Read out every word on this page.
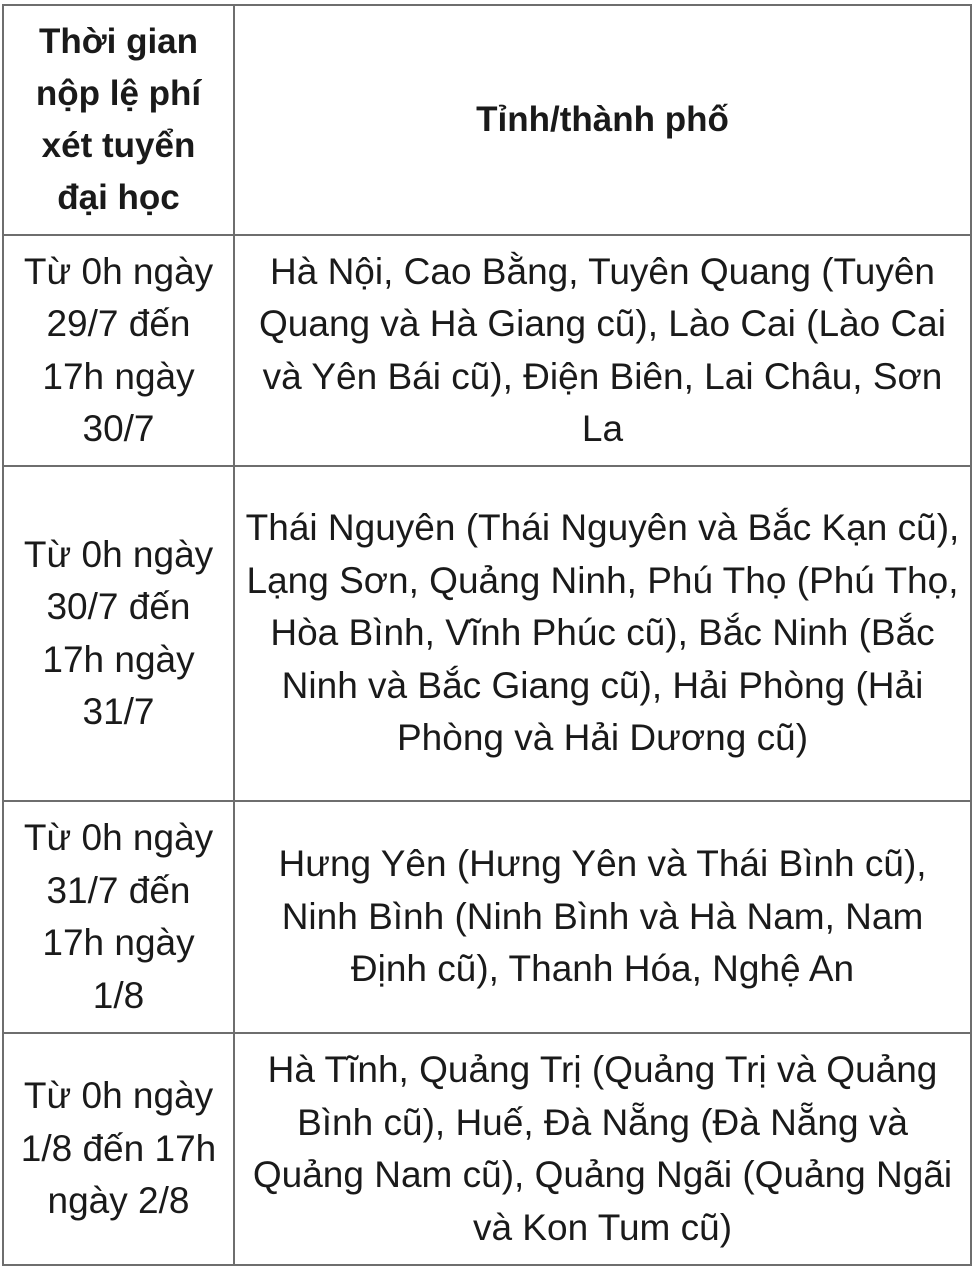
Thời gian nộp lệ phí xét tuyển đại học	Tỉnh/thành phố
Từ 0h ngày 29/7 đến 17h ngày 30/7	Hà Nội, Cao Bằng, Tuyên Quang (Tuyên Quang và Hà Giang cũ), Lào Cai (Lào Cai và Yên Bái cũ), Điện Biên, Lai Châu, Sơn La
Từ 0h ngày 30/7 đến 17h ngày 31/7	Thái Nguyên (Thái Nguyên và Bắc Kạn cũ), Lạng Sơn, Quảng Ninh, Phú Thọ (Phú Thọ, Hòa Bình, Vĩnh Phúc cũ), Bắc Ninh (Bắc Ninh và Bắc Giang cũ), Hải Phòng (Hải Phòng và Hải Dương cũ)
Từ 0h ngày 31/7 đến 17h ngày 1/8	Hưng Yên (Hưng Yên và Thái Bình cũ), Ninh Bình (Ninh Bình và Hà Nam, Nam Định cũ), Thanh Hóa, Nghệ An
Từ 0h ngày 1/8 đến 17h ngày 2/8	Hà Tĩnh, Quảng Trị (Quảng Trị và Quảng Bình cũ), Huế, Đà Nẵng (Đà Nẵng và Quảng Nam cũ), Quảng Ngãi (Quảng Ngãi và Kon Tum cũ)
